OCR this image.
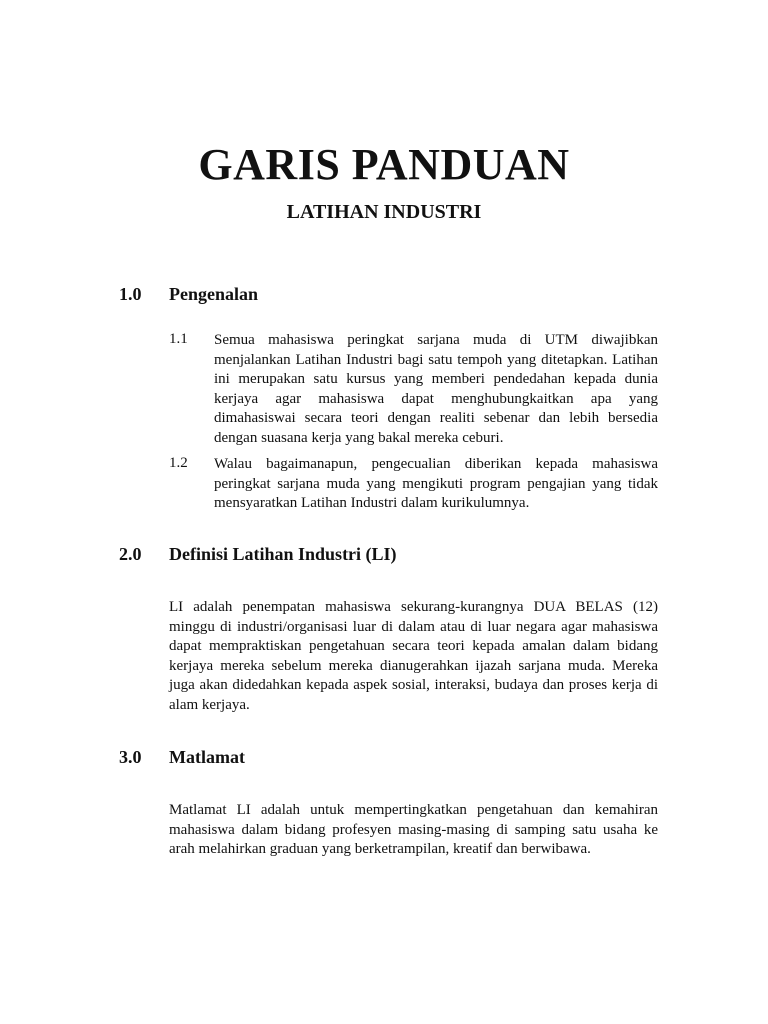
GARIS PANDUAN
LATIHAN INDUSTRI
1.0 Pengenalan
1.1 Semua mahasiswa peringkat sarjana muda di UTM diwajibkan menjalankan Latihan Industri bagi satu tempoh yang ditetapkan. Latihan ini merupakan satu kursus yang memberi pendedahan kepada dunia kerjaya agar mahasiswa dapat menghubungkaitkan apa yang dimahasiswai secara teori dengan realiti sebenar dan lebih bersedia dengan suasana kerja yang bakal mereka ceburi.
1.2 Walau bagaimanapun, pengecualian diberikan kepada mahasiswa peringkat sarjana muda yang mengikuti program pengajian yang tidak mensyaratkan Latihan Industri dalam kurikulumnya.
2.0 Definisi Latihan Industri (LI)
LI adalah penempatan mahasiswa sekurang-kurangnya DUA BELAS (12) minggu di industri/organisasi luar di dalam atau di luar negara agar mahasiswa dapat mempraktiskan pengetahuan secara teori kepada amalan dalam bidang kerjaya mereka sebelum mereka dianugerahkan ijazah sarjana muda. Mereka juga akan didedahkan kepada aspek sosial, interaksi, budaya dan proses kerja di alam kerjaya.
3.0 Matlamat
Matlamat LI adalah untuk mempertingkatkan pengetahuan dan kemahiran mahasiswa dalam bidang profesyen masing-masing di samping satu usaha ke arah melahirkan graduan yang berketrampilan, kreatif dan berwibawa.
